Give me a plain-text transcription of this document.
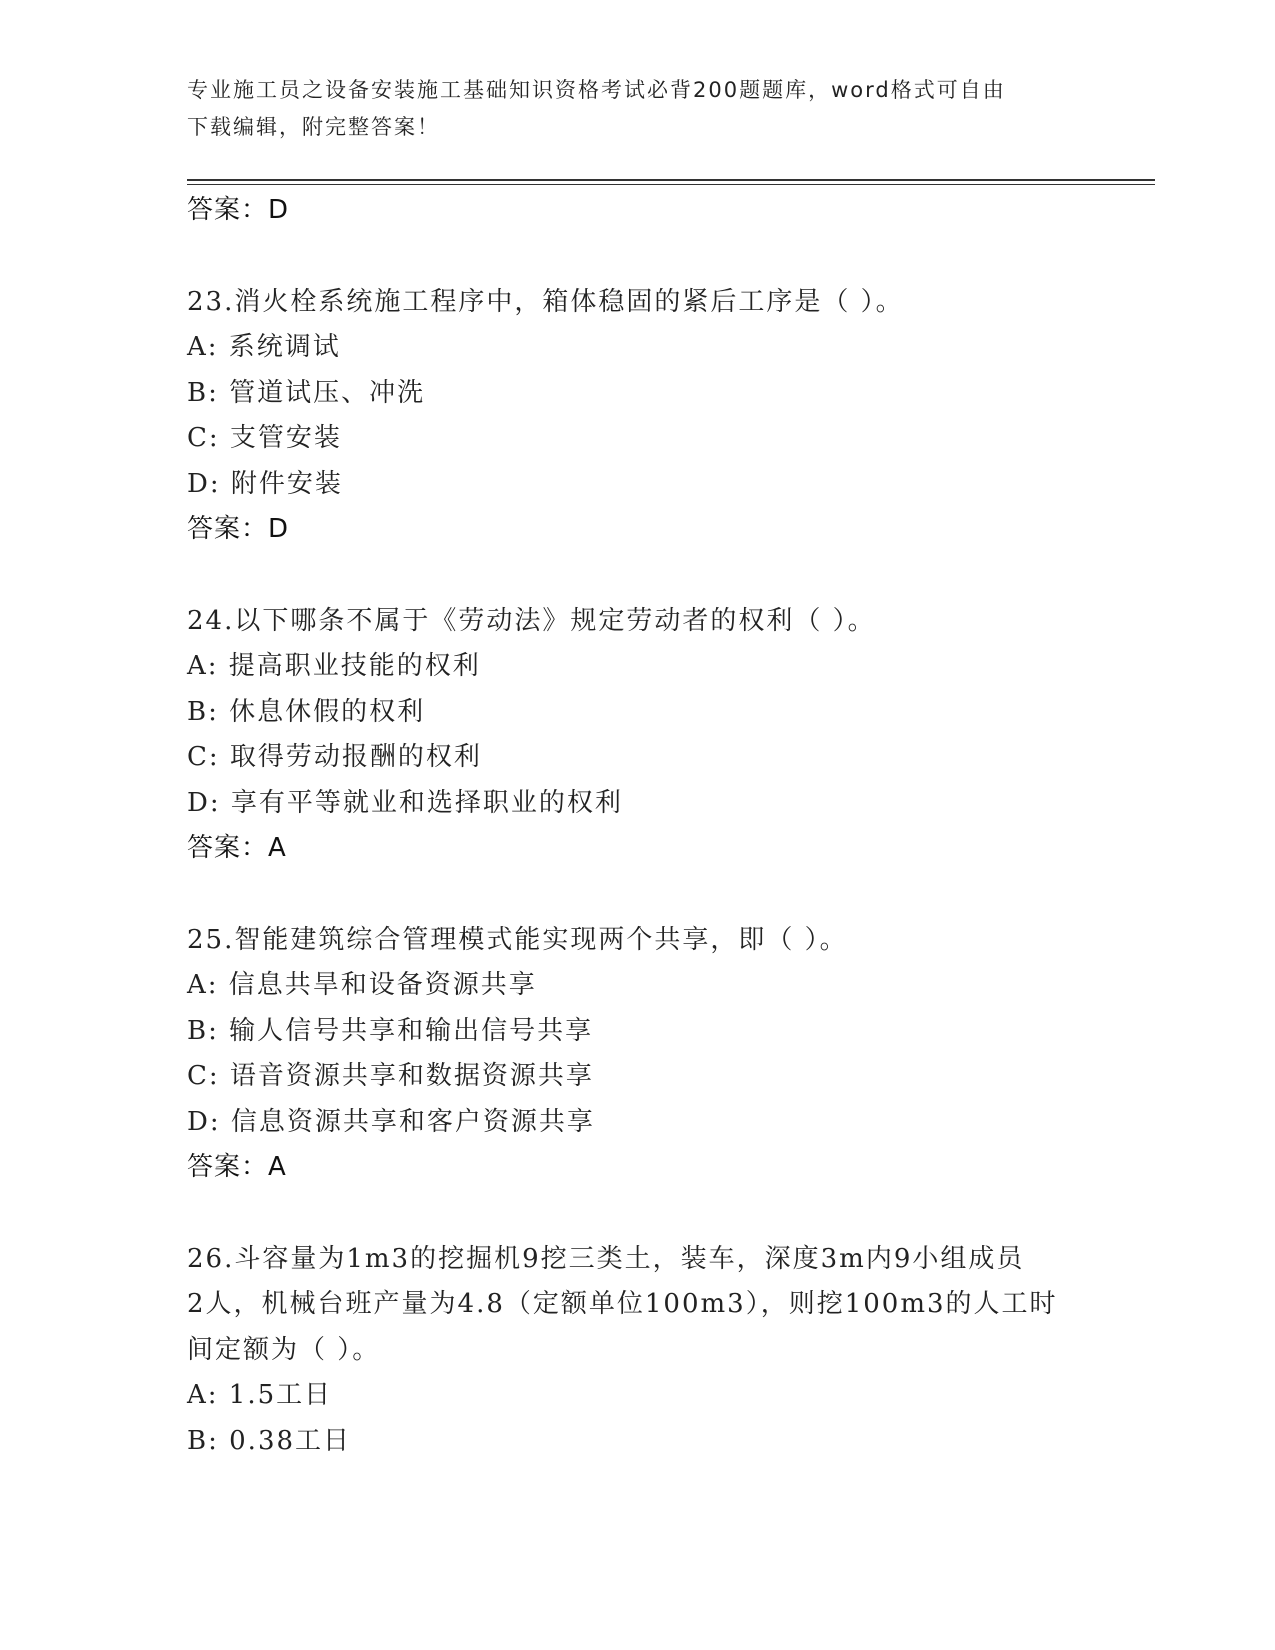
专业施工员之设备安装施工基础知识资格考试必背200题题库，word格式可自由
下载编辑，附完整答案！
答案：D
23.消火栓系统施工程序中，箱体稳固的紧后工序是（ ）。
A: 系统调试
B: 管道试压、冲洗
C: 支管安装
D: 附件安装
答案：D
24.以下哪条不属于《劳动法》规定劳动者的权利（ ）。
A: 提高职业技能的权利
B: 休息休假的权利
C: 取得劳动报酬的权利
D: 享有平等就业和选择职业的权利
答案：A
25.智能建筑综合管理模式能实现两个共享，即（ ）。
A: 信息共旱和设备资源共享
B: 输人信号共享和输出信号共享
C: 语音资源共享和数据资源共享
D: 信息资源共享和客户资源共享
答案：A
26.斗容量为1m3的挖掘机9挖三类土，装车，深度3m内9小组成员
2人，机械台班产量为4.8（定额单位100m3），则挖100m3的人工时
间定额为（ ）。
A: 1.5工日
B: 0.38工日
